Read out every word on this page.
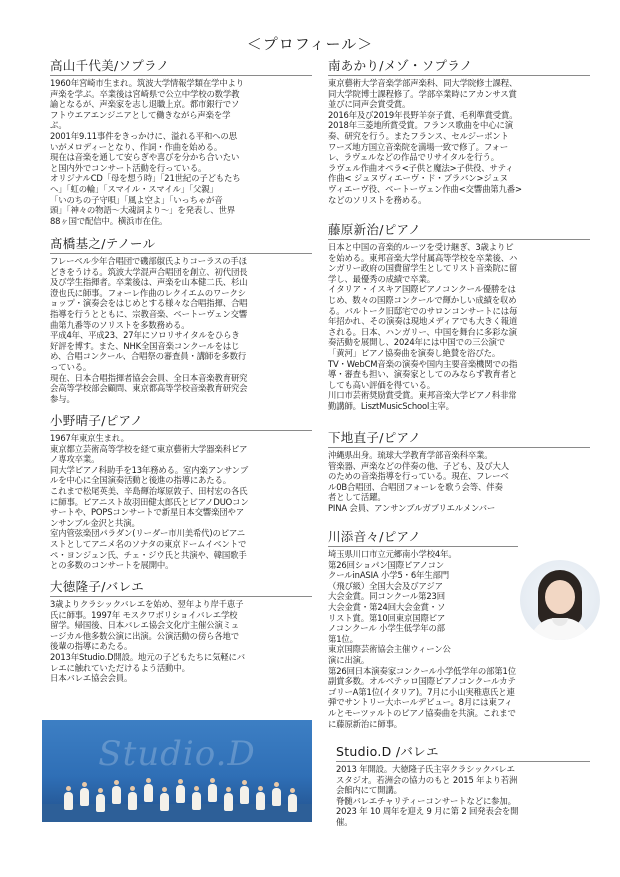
＜プロフィール＞
高山千代美/ソプラノ

1960年宮崎市生まれ。筑波大学情報学類在学中より

声楽を学ぶ。卒業後は宮崎県で公立中学校の数学教

諭となるが、声楽家を志し退職上京。都市銀行でソ

フトウエアエンジニアとして働きながら声楽を学

ぶ。

2001年9.11事件をきっかけに、溢れる平和への思

いがメロディーとなり、作詞・作曲を始める。

現在は音楽を通して安らぎや喜びを分かち合いたい

と国内外でコンサート活動を行っている。

オリジナルCD「母を想う時」「21世紀の子どもたち

へ」「虹の輪」「スマイル・スマイル」「父親」

「いのちの子守唄」「風よ空よ」「いっちゃが音

頭」「神々の物語～大魂詞より～」を発表し、世界

88ヶ国で配信中。横浜市在住。

髙橋基之/テノール

フレーベル少年合唱団で磯部俶氏よりコーラスの手ほ

どきをうける。筑波大学混声合唱団を創立、初代団長

及び学生指揮者。卒業後は、声楽を山本健二氏、杉山

澄也氏に師事。フォーレ作曲のレクイエムのワークシ

ョップ・演奏会をはじめとする様々な合唱指揮、合唱

指導を行うとともに、宗教音楽、ベートーヴェン交響

曲第九番等のソリストを多数務める。

平成4年、平成23、27年にソロリサイタルをひらき

好評を博す。また、NHK全国音楽コンクールをはじ

め、合唱コンクール、合唱祭の審査員・講師を多数行

っている。

現在、日本合唱指揮者協会会員、全日本音楽教育研究

会高等学校部会顧問、東京都高等学校音楽教育研究会

参与。

小野晴子/ピアノ

1967年東京生まれ。

東京都立芸術高等学校を経て東京藝術大学器楽科ピア

ノ専攻卒業。

同大学ピアノ科助手を13年務める。室内楽アンサンブ

ルを中心に全国演奏活動と後進の指導にあたる。

これまで松尾英美、辛島輝治塚原敦子、田村宏の各氏

に師事。ピアニスト故羽田健太郎氏とピアノDUOコン

サートや、POPSコンサートで新星日本交響楽団やア

ンサンブル金沢と共演。

室内管弦楽団パラダン(リーダー市川美希代)のピアニ

ストとしてアニメ名のソナタの東京ドームイベントで

ペ・ヨンジュン氏、チェ・ジウ氏と共演や、韓国歌手

との多数のコンサートを展開中。

大徳隆子/バレエ

3歳よりクラシックバレエを始め、翌年より岸千恵子

氏に師事。1997年 モスクワボリショイバレエ学校

留学。帰国後、日本バレエ協会文化庁主催公演ミュ

ージカル他多数公演に出演。公演活動の傍ら各地で

後輩の指導にあたる。

2013年Studio.D開設。地元の子どもたちに気軽にバ

レエに触れていただけるよう活動中。

日本バレエ協会会員。

Studio.D
南あかり/メゾ・ソプラノ

東京藝術大学音楽学部声楽科、同大学院修士課程、

同大学院博士課程修了。学部卒業時にアカンサス賞

並びに同声会賞受賞。

2016年及び2019年長野羊奈子賞、毛利準賞受賞。

2018年三菱地所賞受賞。フランス歌曲を中心に演

奏、研究を行う。またフランス、セルジーポント

ワーズ地方国立音楽院を満場一致で修了。フォー

レ、ラヴェルなどの作品でリサイタルを行う。

ラヴェル作曲オペラ<子供と魔法>子供役、サティ

作曲< ジュヌヴィエーヴ・ド・ブラバン>ジュヌ

ヴィエーヴ役、ベートーヴェン作曲<交響曲第九番>

などのソリストを務める。

藤原新治/ピアノ

日本と中国の音楽的ルーツを受け継ぎ、3歳よりピ

を始める。東邦音楽大学付属高等学校を卒業後、ハ

ンガリー政府の国費留学生としてリスト音楽院に留

学し、最優秀の成績で卒業。

イタリア・イスキア国際ピアノコンクール優勝をは

じめ、数々の国際コンクールで輝かしい成績を収め

る。バルトーク旧邸宅でのサロンコンサートには毎

年招かれ、その演奏は現地メディアでも大きく報道

される。日本、ハンガリー、中国を舞台に多彩な演

奏活動を展開し、2024年には中国での三公演で

「黄河」ピアノ協奏曲を演奏し絶賛を浴びた。

TV・WebCM音楽の演奏や国内主要音楽機関での指

導・審査も担い、演奏家としてのみならず教育者と

しても高い評価を得ている。

川口市芸術奨励賞受賞。東邦音楽大学ピアノ科非常

勤講師。LisztMusicSchool主宰。

下地直子/ピアノ

沖縄県出身。琉球大学教育学部音楽科卒業。

管楽器、声楽などの伴奏の他、子ども、及び大人

のための音楽指導を行っている。現在、フレーベ

ル0B合唱団、合唱団フォーレを歌う会等、伴奏

者として活躍。

PINA 会員、アンサンブルガブリエルメンバー

川添音々/ピアノ

埼玉県川口市立元郷南小学校4年。

第26回ショパン国際ピアノコン

クールinASIA 小学5・6年生部門

（飛び級）全国大会及びアジア

大会金賞。同コンクール第23回

大会金賞・第24回大会金賞・ソ

リスト賞。第10回東京国際ピア

ノコンクール 小学生低学年の部

第1位。

東京国際芸術協会主催ウィーン公

演に出演。

第26回日本演奏家コンクール小学低学年の部第1位

副賞多数。オルベテッロ国際ピアノコンクールカテ

ゴリーA第1位(イタリア)。7月に小山実稚恵氏と連

弾でサントリー大ホールデビュー。8月には東フィ

ルとモーツァルトのピアノ協奏曲を共演。これまで

に藤原新治に師事。

Studio.D /バレエ

2013 年開設。大徳隆子氏主宰クラシックバレエ

スタジオ。若洲会の協力のもと 2015 年より若洲

会館内にて開講。

脊髄バレエチャリティーコンサートなどに参加。

2023 年 10 周年を迎え 9 月に第 2 回発表会を開

催。
